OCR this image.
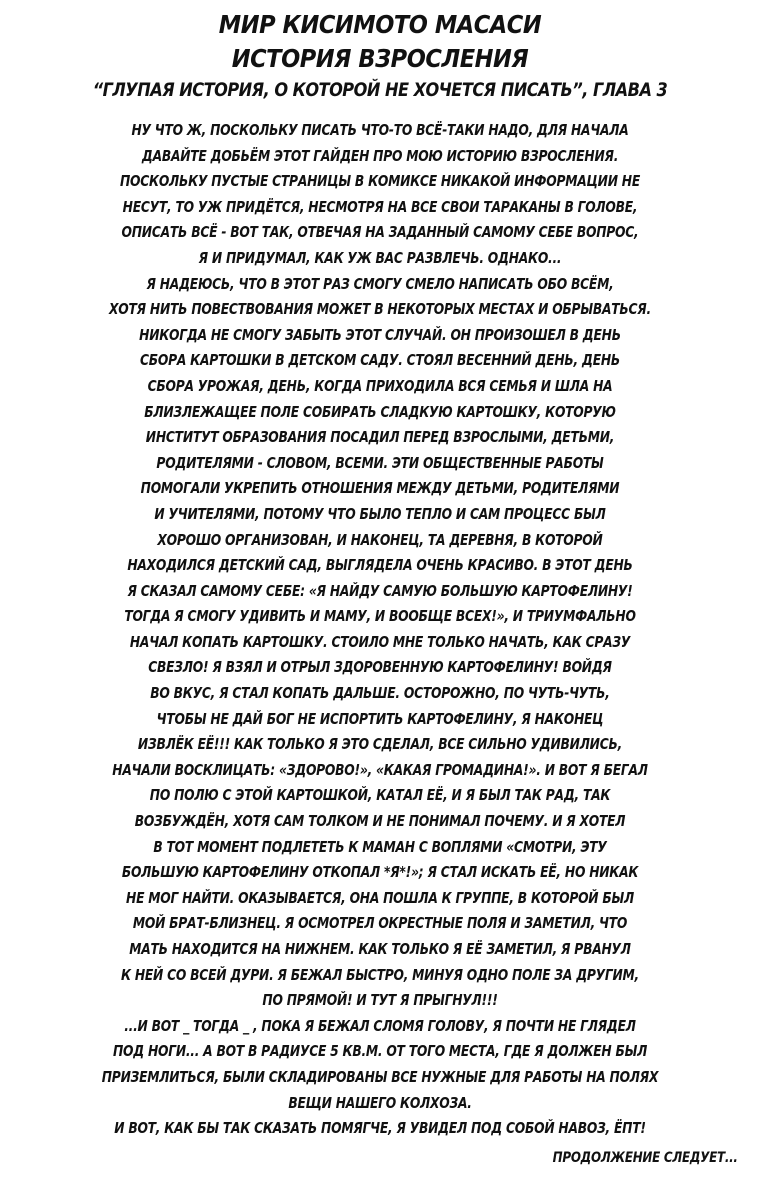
МИР КИСИМОТО МАСАСИ
ИСТОРИЯ ВЗРОСЛЕНИЯ
“ГЛУПАЯ ИСТОРИЯ, О КОТОРОЙ НЕ ХОЧЕТСЯ ПИСАТЬ”, ГЛАВА 3
НУ ЧТО Ж, ПОСКОЛЬКУ ПИСАТЬ ЧТО-ТО ВСЁ-ТАКИ НАДО, ДЛЯ НАЧАЛА
ДАВАЙТЕ ДОБЬЁМ ЭТОТ ГАЙДЕН ПРО МОЮ ИСТОРИЮ ВЗРОСЛЕНИЯ.
ПОСКОЛЬКУ ПУСТЫЕ СТРАНИЦЫ В КОМИКСЕ НИКАКОЙ ИНФОРМАЦИИ НЕ
НЕСУТ, ТО УЖ ПРИДЁТСЯ, НЕСМОТРЯ НА ВСЕ СВОИ ТАРАКАНЫ В ГОЛОВЕ,
ОПИСАТЬ ВСЁ - ВОТ ТАК, ОТВЕЧАЯ НА ЗАДАННЫЙ САМОМУ СЕБЕ ВОПРОС,
Я И ПРИДУМАЛ, КАК УЖ ВАС РАЗВЛЕЧЬ. ОДНАКО...
Я НАДЕЮСЬ, ЧТО В ЭТОТ РАЗ СМОГУ СМЕЛО НАПИСАТЬ ОБО ВСЁМ,
ХОТЯ НИТЬ ПОВЕСТВОВАНИЯ МОЖЕТ В НЕКОТОРЫХ МЕСТАХ И ОБРЫВАТЬСЯ.
НИКОГДА НЕ СМОГУ ЗАБЫТЬ ЭТОТ СЛУЧАЙ. ОН ПРОИЗОШЕЛ В ДЕНЬ
СБОРА КАРТОШКИ В ДЕТСКОМ САДУ. СТОЯЛ ВЕСЕННИЙ ДЕНЬ, ДЕНЬ
СБОРА УРОЖАЯ, ДЕНЬ, КОГДА ПРИХОДИЛА ВСЯ СЕМЬЯ И ШЛА НА
БЛИЗЛЕЖАЩЕЕ ПОЛЕ СОБИРАТЬ СЛАДКУЮ КАРТОШКУ, КОТОРУЮ
ИНСТИТУТ ОБРАЗОВАНИЯ ПОСАДИЛ ПЕРЕД ВЗРОСЛЫМИ, ДЕТЬМИ,
РОДИТЕЛЯМИ - СЛОВОМ, ВСЕМИ. ЭТИ ОБЩЕСТВЕННЫЕ РАБОТЫ
ПОМОГАЛИ УКРЕПИТЬ ОТНОШЕНИЯ МЕЖДУ ДЕТЬМИ, РОДИТЕЛЯМИ
И УЧИТЕЛЯМИ, ПОТОМУ ЧТО БЫЛО ТЕПЛО И САМ ПРОЦЕСС БЫЛ
ХОРОШО ОРГАНИЗОВАН, И НАКОНЕЦ, ТА ДЕРЕВНЯ, В КОТОРОЙ
НАХОДИЛСЯ ДЕТСКИЙ САД, ВЫГЛЯДЕЛА ОЧЕНЬ КРАСИВО. В ЭТОТ ДЕНЬ
Я СКАЗАЛ САМОМУ СЕБЕ: «Я НАЙДУ САМУЮ БОЛЬШУЮ КАРТОФЕЛИНУ!
ТОГДА Я СМОГУ УДИВИТЬ И МАМУ, И ВООБЩЕ ВСЕХ!», И ТРИУМФАЛЬНО
НАЧАЛ КОПАТЬ КАРТОШКУ. СТОИЛО МНЕ ТОЛЬКО НАЧАТЬ, КАК СРАЗУ
СВЕЗЛО! Я ВЗЯЛ И ОТРЫЛ ЗДОРОВЕННУЮ КАРТОФЕЛИНУ! ВОЙДЯ
ВО ВКУС, Я СТАЛ КОПАТЬ ДАЛЬШЕ. ОСТОРОЖНО, ПО ЧУТЬ-ЧУТЬ,
ЧТОБЫ НЕ ДАЙ БОГ НЕ ИСПОРТИТЬ КАРТОФЕЛИНУ, Я НАКОНЕЦ
ИЗВЛЁК ЕЁ!!! КАК ТОЛЬКО Я ЭТО СДЕЛАЛ, ВСЕ СИЛЬНО УДИВИЛИСЬ,
НАЧАЛИ ВОСКЛИЦАТЬ: «ЗДОРОВО!», «КАКАЯ ГРОМАДИНА!». И ВОТ Я БЕГАЛ
ПО ПОЛЮ С ЭТОЙ КАРТОШКОЙ, КАТАЛ ЕЁ, И Я БЫЛ ТАК РАД, ТАК
ВОЗБУЖДЁН, ХОТЯ САМ ТОЛКОМ И НЕ ПОНИМАЛ ПОЧЕМУ. И Я ХОТЕЛ
В ТОТ МОМЕНТ ПОДЛЕТЕТЬ К МАМАН С ВОПЛЯМИ «СМОТРИ, ЭТУ
БОЛЬШУЮ КАРТОФЕЛИНУ ОТКОПАЛ *Я*!»; Я СТАЛ ИСКАТЬ ЕЁ, НО НИКАК
НЕ МОГ НАЙТИ. ОКАЗЫВАЕТСЯ, ОНА ПОШЛА К ГРУППЕ, В КОТОРОЙ БЫЛ
МОЙ БРАТ-БЛИЗНЕЦ. Я ОСМОТРЕЛ ОКРЕСТНЫЕ ПОЛЯ И ЗАМЕТИЛ, ЧТО
МАТЬ НАХОДИТСЯ НА НИЖНЕМ. КАК ТОЛЬКО Я ЕЁ ЗАМЕТИЛ, Я РВАНУЛ
К НЕЙ СО ВСЕЙ ДУРИ. Я БЕЖАЛ БЫСТРО, МИНУЯ ОДНО ПОЛЕ ЗА ДРУГИМ,
ПО ПРЯМОЙ! И ТУТ Я ПРЫГНУЛ!!!
...И ВОТ _ ТОГДА _ , ПОКА Я БЕЖАЛ СЛОМЯ ГОЛОВУ, Я ПОЧТИ НЕ ГЛЯДЕЛ
ПОД НОГИ... А ВОТ В РАДИУСЕ 5 КВ.М. ОТ ТОГО МЕСТА, ГДЕ Я ДОЛЖЕН БЫЛ
ПРИЗЕМЛИТЬСЯ, БЫЛИ СКЛАДИРОВАНЫ ВСЕ НУЖНЫЕ ДЛЯ РАБОТЫ НА ПОЛЯХ
ВЕЩИ НАШЕГО КОЛХОЗА.
И ВОТ, КАК БЫ ТАК СКАЗАТЬ ПОМЯГЧЕ, Я УВИДЕЛ ПОД СОБОЙ НАВОЗ, ЁПТ!
ПРОДОЛЖЕНИЕ СЛЕДУЕТ...
